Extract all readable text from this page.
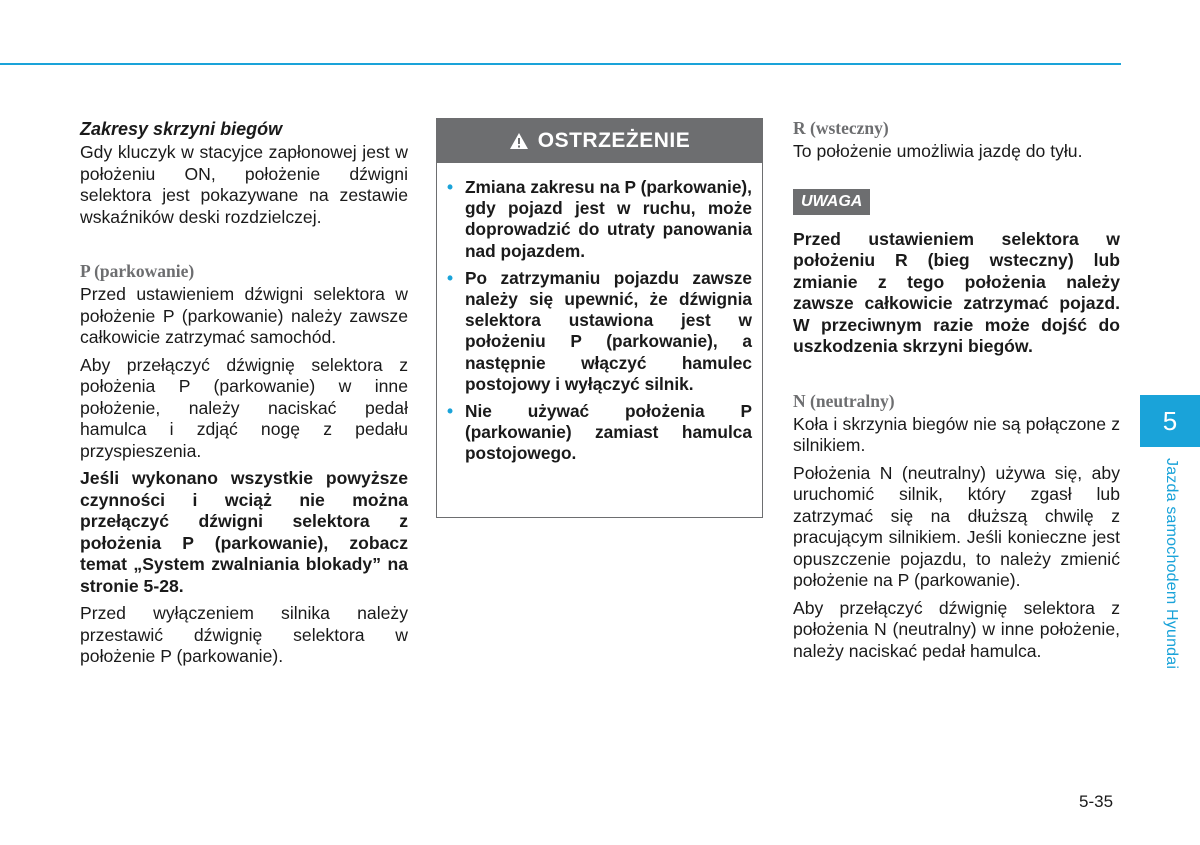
Zakresy skrzyni biegów

Gdy kluczyk w stacyjce zapłonowej jest w położeniu ON, położenie dźwigni selektora jest pokazywane na zestawie wskaźników deski rozdzielczej.

P (parkowanie)

Przed ustawieniem dźwigni selektora w położenie P (parkowanie) należy zawsze całkowicie zatrzymać samochód.

Aby przełączyć dźwignię selektora z położenia P (parkowanie) w inne położenie, należy naciskać pedał hamulca i zdjąć nogę z pedału przyspieszenia.

Jeśli wykonano wszystkie powyższe czynności i wciąż nie można przełączyć dźwigni selektora z położenia P (parkowanie), zobacz temat „System zwalniania blokady” na stronie 5-28.

Przed wyłączeniem silnika należy przestawić dźwignię selektora w położenie P (parkowanie).

OSTRZEŻENIE
• Zmiana zakresu na P (parkowanie), gdy pojazd jest w ruchu, może doprowadzić do utraty panowania nad pojazdem.
• Po zatrzymaniu pojazdu zawsze należy się upewnić, że dźwignia selektora ustawiona jest w położeniu P (parkowanie), a następnie włączyć hamulec postojowy i wyłączyć silnik.
• Nie używać położenia P (parkowanie) zamiast hamulca postojowego.
R (wsteczny)

To położenie umożliwia jazdę do tyłu.

UWAGA

Przed ustawieniem selektora w położeniu R (bieg wsteczny) lub zmianie z tego położenia należy zawsze całkowicie zatrzymać pojazd. W przeciwnym razie może dojść do uszkodzenia skrzyni biegów.

N (neutralny)

Koła i skrzynia biegów nie są połączone z silnikiem.

Położenia N (neutralny) używa się, aby uruchomić silnik, który zgasł lub zatrzymać się na dłuższą chwilę z pracującym silnikiem. Jeśli konieczne jest opuszczenie pojazdu, to należy zmienić położenie na P (parkowanie).

Aby przełączyć dźwignię selektora z położenia N (neutralny) w inne położenie, należy naciskać pedał hamulca.

5
Jazda samochodem Hyundai
5-35
